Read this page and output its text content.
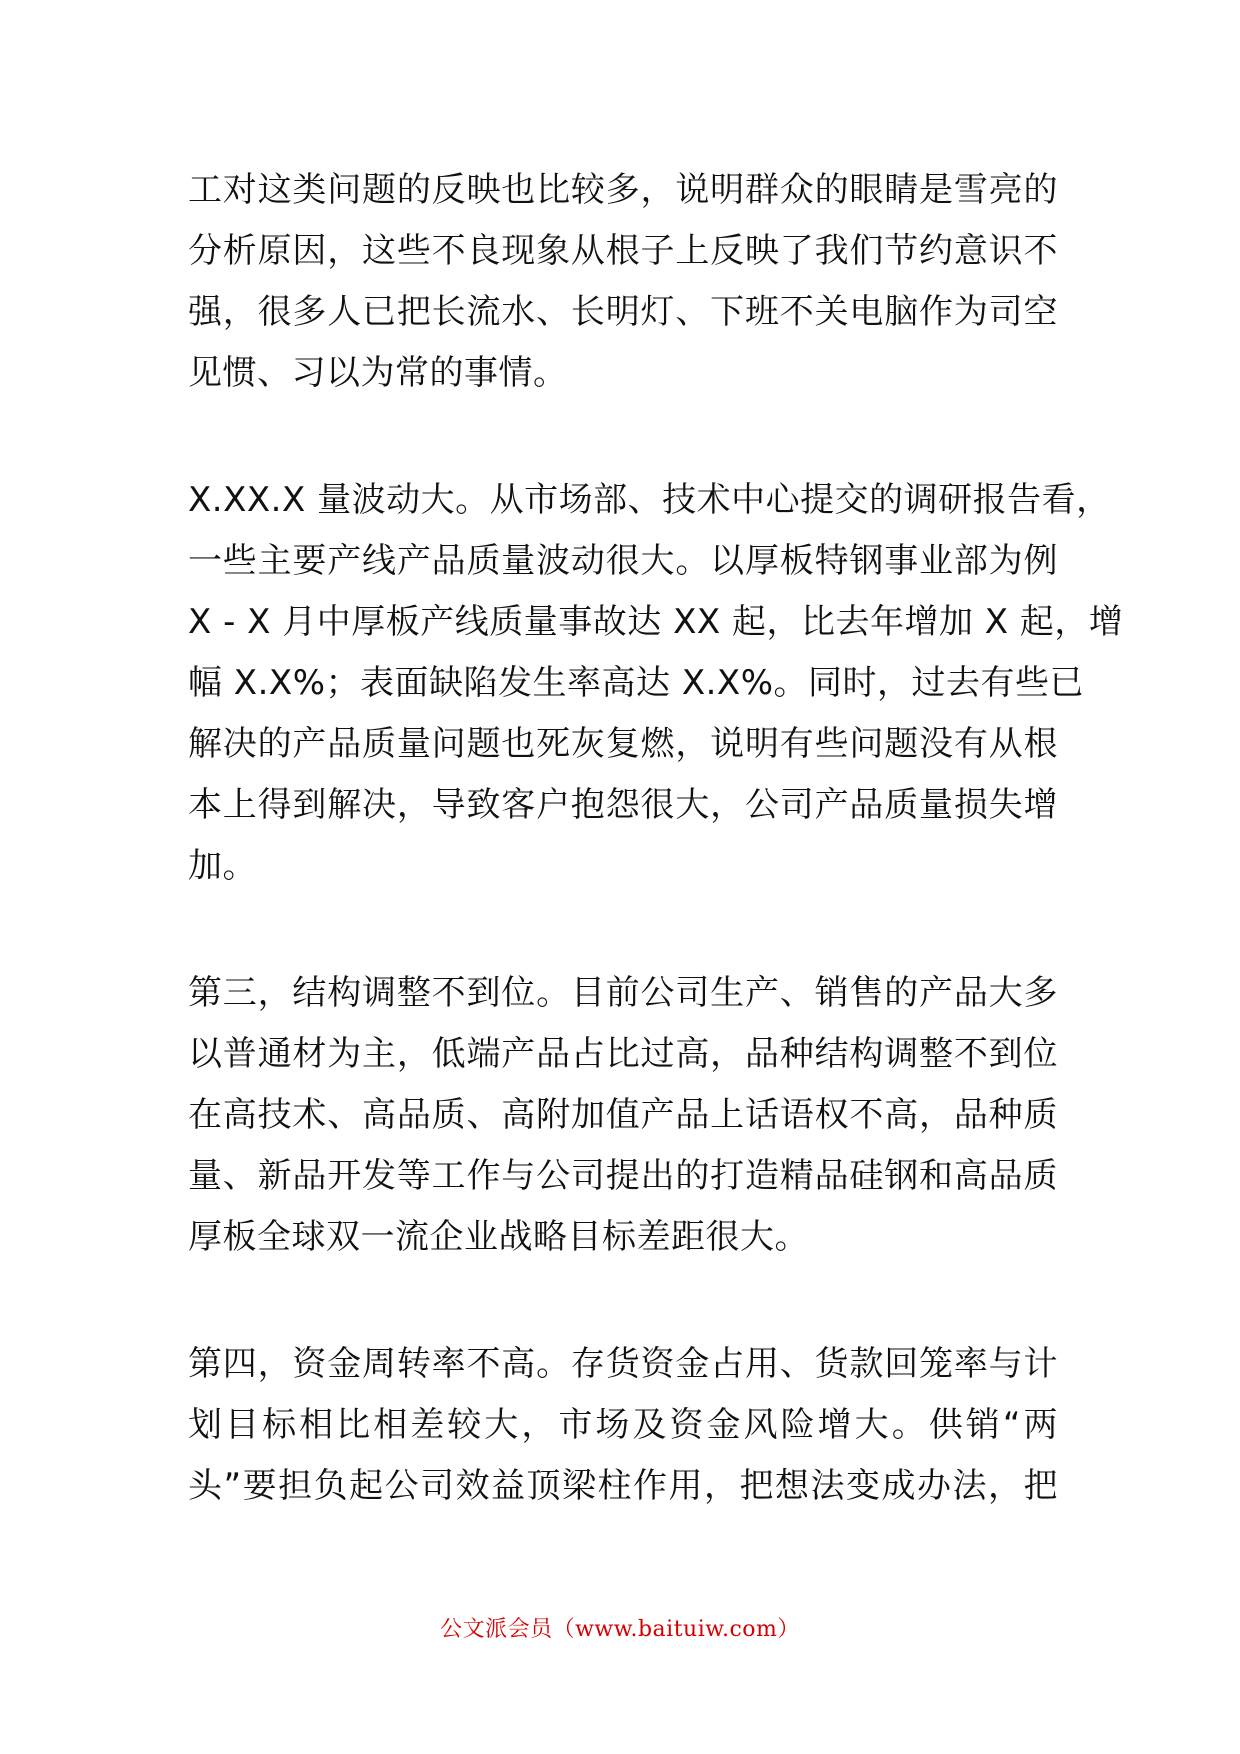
工对这类问题的反映也比较多，说明群众的眼睛是雪亮的
分析原因，这些不良现象从根子上反映了我们节约意识不
强，很多人已把长流水、长明灯、下班不关电脑作为司空
见惯、习以为常的事情。
X.XX.X 量波动大。从市场部、技术中心提交的调研报告看，
一些主要产线产品质量波动很大。以厚板特钢事业部为例
X - X 月中厚板产线质量事故达 XX 起，比去年增加 X 起，增
幅 X.X%；表面缺陷发生率高达 X.X%。同时，过去有些已
解决的产品质量问题也死灰复燃，说明有些问题没有从根
本上得到解决，导致客户抱怨很大，公司产品质量损失增
加。
第三，结构调整不到位。目前公司生产、销售的产品大多
以普通材为主，低端产品占比过高，品种结构调整不到位
在高技术、高品质、高附加值产品上话语权不高，品种质
量、新品开发等工作与公司提出的打造精品硅钢和高品质
厚板全球双一流企业战略目标差距很大。
第四，资金周转率不高。存货资金占用、货款回笼率与计
划目标相比相差较大，市场及资金风险增大。供销“两
头”要担负起公司效益顶梁柱作用，把想法变成办法，把
公文派会员（www.baituiw.com）
